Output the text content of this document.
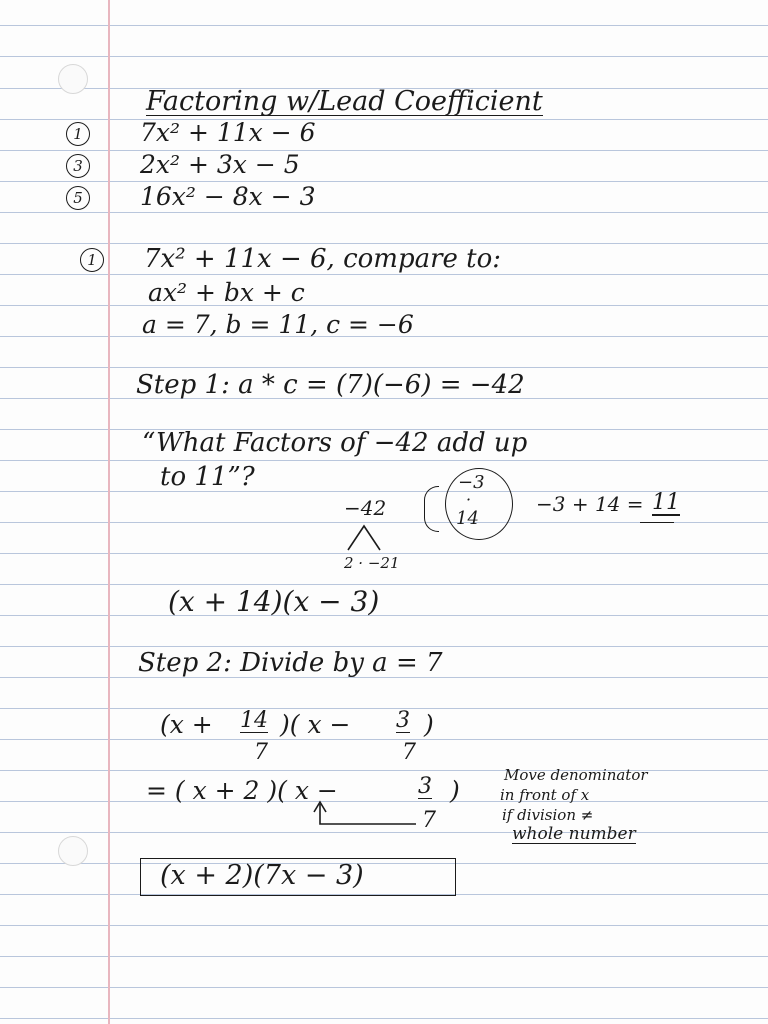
Factoring w/Lead Coefficient
1 7x² + 11x − 6
3 2x² + 3x − 5
5 16x² − 8x − 3
1 7x² + 11x − 6, compare to:
ax² + bx + c
a = 7, b = 11, c = −6
Step 1: a * c = (7)(−6) = −42
“What Factors of −42 add up
to 11”?
−42
−3
·
14
−3 + 14 = 11
2 · −21
(x + 14)(x − 3)
Step 2: Divide by a = 7
(x + 14 )( x − 3 )
7	7
= ( x + 2 )( x −	3 )
7
Move denominator
in front of x
if division ≠
whole number
(x + 2)(7x − 3)
